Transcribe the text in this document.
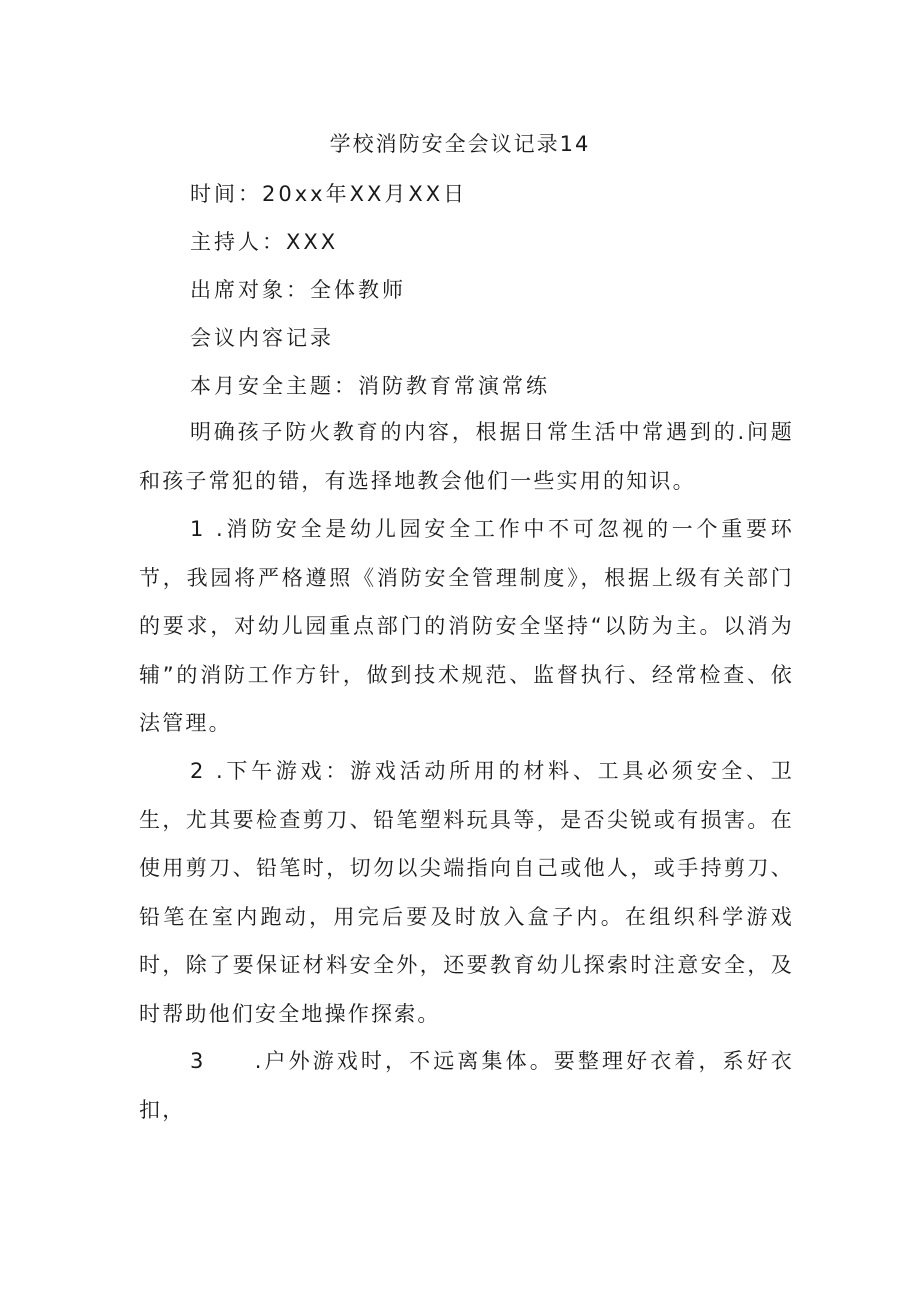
学校消防安全会议记录14
时间：20xx年XX月XX日
主持人：XXX
出席对象：全体教师
会议内容记录
本月安全主题：消防教育常演常练

明确孩子防火教育的内容，根据日常生活中常遇到的.问题和孩子常犯的错，有选择地教会他们一些实用的知识。

1 .消防安全是幼儿园安全工作中不可忽视的一个重要环节，我园将严格遵照《消防安全管理制度》，根据上级有关部门的要求，对幼儿园重点部门的消防安全坚持“以防为主。以消为辅”的消防工作方针，做到技术规范、监督执行、经常检查、依法管理。

2 .下午游戏：游戏活动所用的材料、工具必须安全、卫生，尤其要检查剪刀、铅笔塑料玩具等，是否尖锐或有损害。在使用剪刀、铅笔时，切勿以尖端指向自己或他人，或手持剪刀、铅笔在室内跑动，用完后要及时放入盒子内。在组织科学游戏时，除了要保证材料安全外，还要教育幼儿探索时注意安全，及时帮助他们安全地操作探索。

3　　.户外游戏时，不远离集体。要整理好衣着，系好衣扣，
